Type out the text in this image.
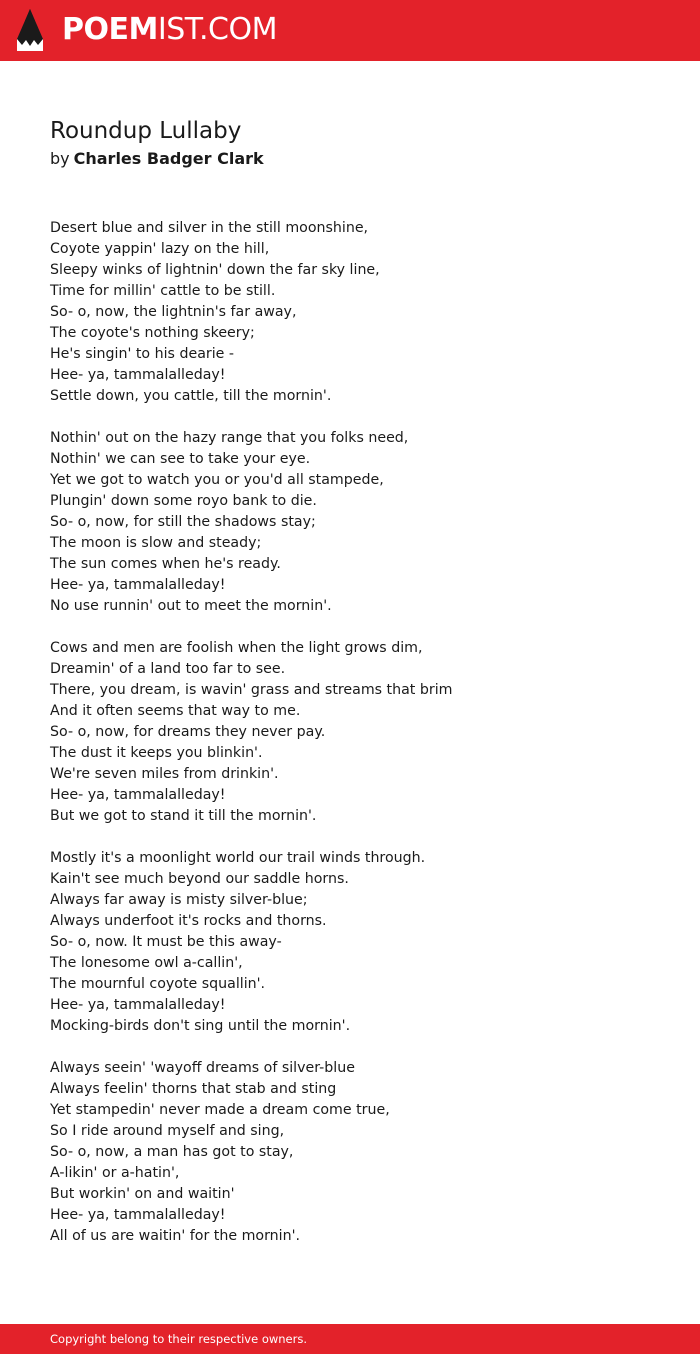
POEMIST.COM
Roundup Lullaby
by Charles Badger Clark
Desert blue and silver in the still moonshine,
Coyote yappin' lazy on the hill,
Sleepy winks of lightnin' down the far sky line,
Time for millin' cattle to be still.
So- o, now, the lightnin's far away,
The coyote's nothing skeery;
He's singin' to his dearie -
Hee- ya, tammalalleday!
Settle down, you cattle, till the mornin'.
Nothin' out on the hazy range that you folks need,
Nothin' we can see to take your eye.
Yet we got to watch you or you'd all stampede,
Plungin' down some royo bank to die.
So- o, now, for still the shadows stay;
The moon is slow and steady;
The sun comes when he's ready.
Hee- ya, tammalalleday!
No use runnin' out to meet the mornin'.
Cows and men are foolish when the light grows dim,
Dreamin' of a land too far to see.
There, you dream, is wavin' grass and streams that brim
And it often seems that way to me.
So- o, now, for dreams they never pay.
The dust it keeps you blinkin'.
We're seven miles from drinkin'.
Hee- ya, tammalalleday!
But we got to stand it till the mornin'.
Mostly it's a moonlight world our trail winds through.
Kain't see much beyond our saddle horns.
Always far away is misty silver-blue;
Always underfoot it's rocks and thorns.
So- o, now. It must be this away-
The lonesome owl a-callin',
The mournful coyote squallin'.
Hee- ya, tammalalleday!
Mocking-birds don't sing until the mornin'.
Always seein' 'wayoff dreams of silver-blue
Always feelin' thorns that stab and sting
Yet stampedin' never made a dream come true,
So I ride around myself and sing,
So- o, now, a man has got to stay,
A-likin' or a-hatin',
But workin' on and waitin'
Hee- ya, tammalalleday!
All of us are waitin' for the mornin'.
Copyright belong to their respective owners.
